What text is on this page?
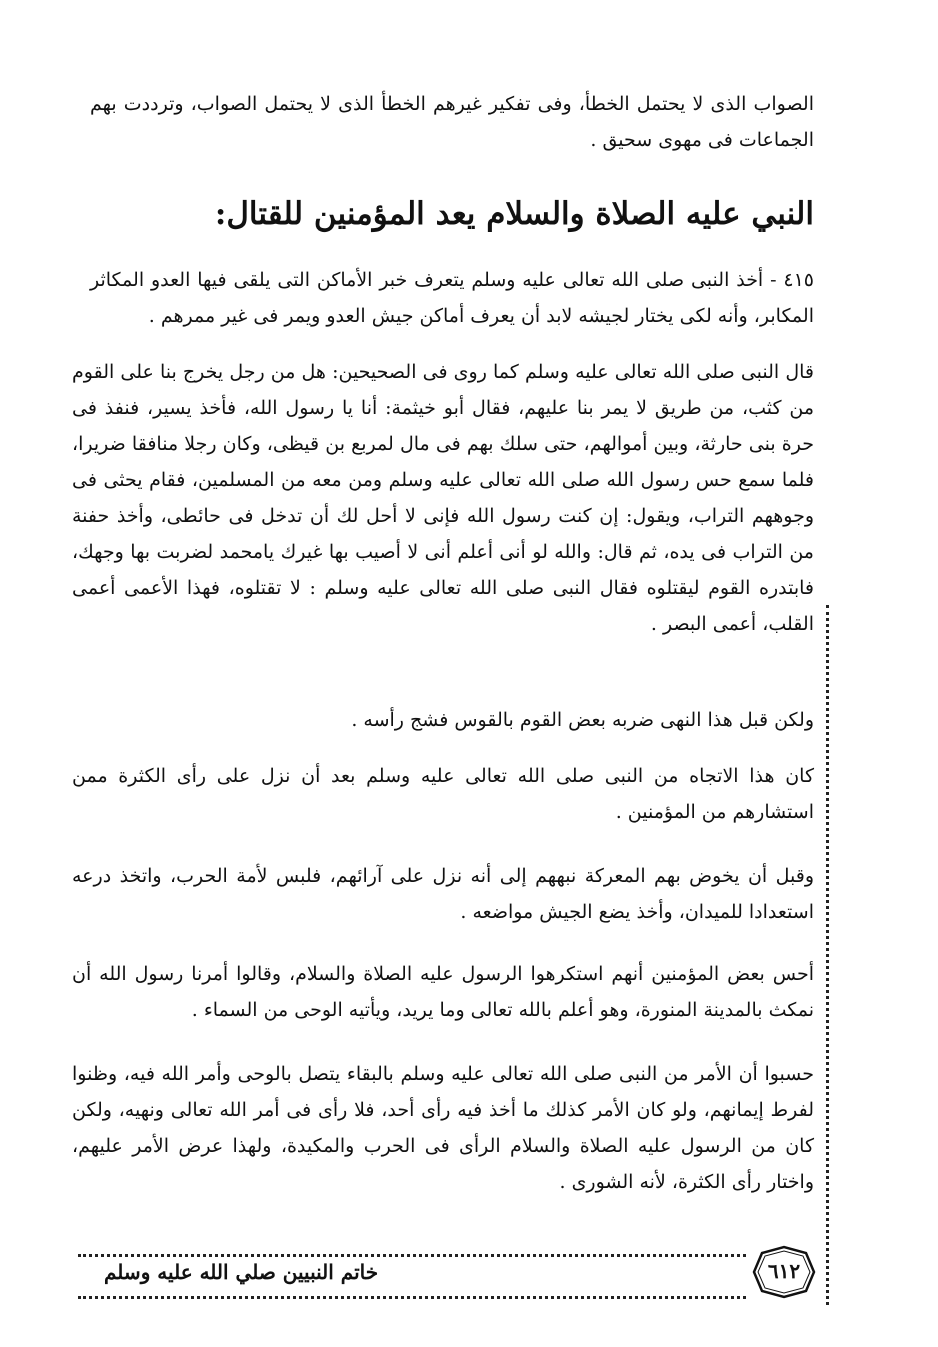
الصواب الذى لا يحتمل الخطأ، وفى تفكير غيرهم الخطأ الذى لا يحتمل الصواب، وترددت بهم الجماعات فى مهوى سحيق .
النبي عليه الصلاة والسلام يعد المؤمنين للقتال:
٤١٥ - أخذ النبى صلى الله تعالى عليه وسلم يتعرف خبر الأماكن التى يلقى فيها العدو المكاثر المكابر، وأنه لكى يختار لجيشه لابد أن يعرف أماكن جيش العدو ويمر فى غير ممرهم .
قال النبى صلى الله تعالى عليه وسلم كما روى فى الصحيحين: هل من رجل يخرج بنا على القوم من كثب، من طريق لا يمر بنا عليهم، فقال أبو خيثمة: أنا يا رسول الله، فأخذ يسير، فنفذ فى حرة بنى حارثة، وبين أموالهم، حتى سلك بهم فى مال لمربع بن قيظى، وكان رجلا منافقا ضريرا، فلما سمع حس رسول الله صلى الله تعالى عليه وسلم ومن معه من المسلمين، فقام يحثى فى وجوههم التراب، ويقول: إن كنت رسول الله فإنى لا أحل لك أن تدخل فى حائطى، وأخذ حفنة من التراب فى يده، ثم قال: والله لو أنى أعلم أنى لا أصيب بها غيرك يامحمد لضربت بها وجهك، فابتدره القوم ليقتلوه فقال النبى صلى الله تعالى عليه وسلم : لا تقتلوه، فهذا الأعمى أعمى القلب، أعمى البصر .
ولكن قبل هذا النهى ضربه بعض القوم بالقوس فشج رأسه .
كان هذا الاتجاه من النبى صلى الله تعالى عليه وسلم بعد أن نزل على رأى الكثرة ممن استشارهم من المؤمنين .
وقبل أن يخوض بهم المعركة نبههم إلى أنه نزل على آرائهم، فلبس لأمة الحرب، واتخذ درعه استعدادا للميدان، وأخذ يضع الجيش مواضعه .
أحس بعض المؤمنين أنهم استكرهوا الرسول عليه الصلاة والسلام، وقالوا أمرنا رسول الله أن نمكث بالمدينة المنورة، وهو أعلم بالله تعالى وما يريد، ويأتيه الوحى من السماء .
حسبوا أن الأمر من النبى صلى الله تعالى عليه وسلم بالبقاء يتصل بالوحى وأمر الله فيه، وظنوا لفرط إيمانهم، ولو كان الأمر كذلك ما أخذ فيه رأى أحد، فلا رأى فى أمر الله تعالى ونهيه، ولكن كان من الرسول عليه الصلاة والسلام الرأى فى الحرب والمكيدة، ولهذا عرض الأمر عليهم، واختار رأى الكثرة، لأنه الشورى .
خاتم النبيين صلي الله عليه وسلم	٦١٢
